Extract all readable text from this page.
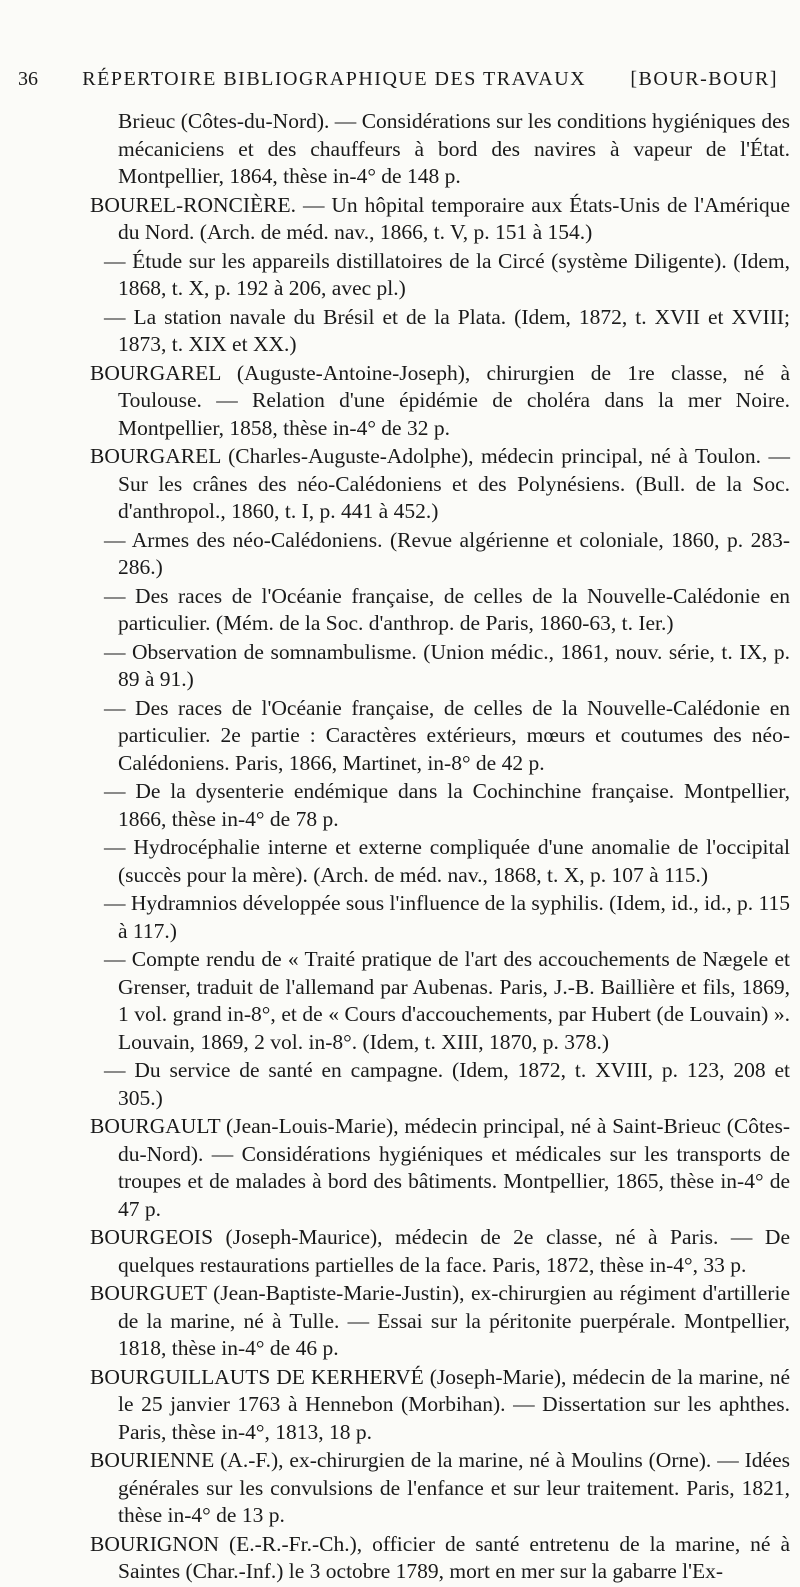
36 RÉPERTOIRE BIBLIOGRAPHIQUE DES TRAVAUX [BOUR-BOUR]

Brieuc (Côtes-du-Nord). — Considérations sur les conditions hygiéniques des mécaniciens et des chauffeurs à bord des navires à vapeur de l'État. Montpellier, 1864, thèse in-4° de 148 p.

BOUREL-RONCIÈRE. — Un hôpital temporaire aux États-Unis de l'Amérique du Nord. (Arch. de méd. nav., 1866, t. V, p. 151 à 154.)

— Étude sur les appareils distillatoires de la Circé (système Diligente). (Idem, 1868, t. X, p. 192 à 206, avec pl.)

— La station navale du Brésil et de la Plata. (Idem, 1872, t. XVII et XVIII; 1873, t. XIX et XX.)

BOURGAREL (Auguste-Antoine-Joseph), chirurgien de 1re classe, né à Toulouse. — Relation d'une épidémie de choléra dans la mer Noire. Montpellier, 1858, thèse in-4° de 32 p.

BOURGAREL (Charles-Auguste-Adolphe), médecin principal, né à Toulon. — Sur les crânes des néo-Calédoniens et des Polynésiens. (Bull. de la Soc. d'anthropol., 1860, t. I, p. 441 à 452.)

— Armes des néo-Calédoniens. (Revue algérienne et coloniale, 1860, p. 283-286.)

— Des races de l'Océanie française, de celles de la Nouvelle-Calédonie en particulier. (Mém. de la Soc. d'anthrop. de Paris, 1860-63, t. Ier.)

— Observation de somnambulisme. (Union médic., 1861, nouv. série, t. IX, p. 89 à 91.)

— Des races de l'Océanie française, de celles de la Nouvelle-Calédonie en particulier. 2e partie : Caractères extérieurs, mœurs et coutumes des néo-Calédoniens. Paris, 1866, Martinet, in-8° de 42 p.

— De la dysenterie endémique dans la Cochinchine française. Montpellier, 1866, thèse in-4° de 78 p.

— Hydrocéphalie interne et externe compliquée d'une anomalie de l'occipital (succès pour la mère). (Arch. de méd. nav., 1868, t. X, p. 107 à 115.)

— Hydramnios développée sous l'influence de la syphilis. (Idem, id., id., p. 115 à 117.)

— Compte rendu de « Traité pratique de l'art des accouchements de Nægele et Grenser, traduit de l'allemand par Aubenas. Paris, J.-B. Baillière et fils, 1869, 1 vol. grand in-8°, et de « Cours d'accouchements, par Hubert (de Louvain) ». Louvain, 1869, 2 vol. in-8°. (Idem, t. XIII, 1870, p. 378.)

— Du service de santé en campagne. (Idem, 1872, t. XVIII, p. 123, 208 et 305.)

BOURGAULT (Jean-Louis-Marie), médecin principal, né à Saint-Brieuc (Côtes-du-Nord). — Considérations hygiéniques et médicales sur les transports de troupes et de malades à bord des bâtiments. Montpellier, 1865, thèse in-4° de 47 p.

BOURGEOIS (Joseph-Maurice), médecin de 2e classe, né à Paris. — De quelques restaurations partielles de la face. Paris, 1872, thèse in-4°, 33 p.

BOURGUET (Jean-Baptiste-Marie-Justin), ex-chirurgien au régiment d'artillerie de la marine, né à Tulle. — Essai sur la péritonite puerpérale. Montpellier, 1818, thèse in-4° de 46 p.

BOURGUILLAUTS DE KERHERVÉ (Joseph-Marie), médecin de la marine, né le 25 janvier 1763 à Hennebon (Morbihan). — Dissertation sur les aphthes. Paris, thèse in-4°, 1813, 18 p.

BOURIENNE (A.-F.), ex-chirurgien de la marine, né à Moulins (Orne). — Idées générales sur les convulsions de l'enfance et sur leur traitement. Paris, 1821, thèse in-4° de 13 p.

BOURIGNON (E.-R.-Fr.-Ch.), officier de santé entretenu de la marine, né à Saintes (Char.-Inf.) le 3 octobre 1789, mort en mer sur la gabarre l'Ex-
